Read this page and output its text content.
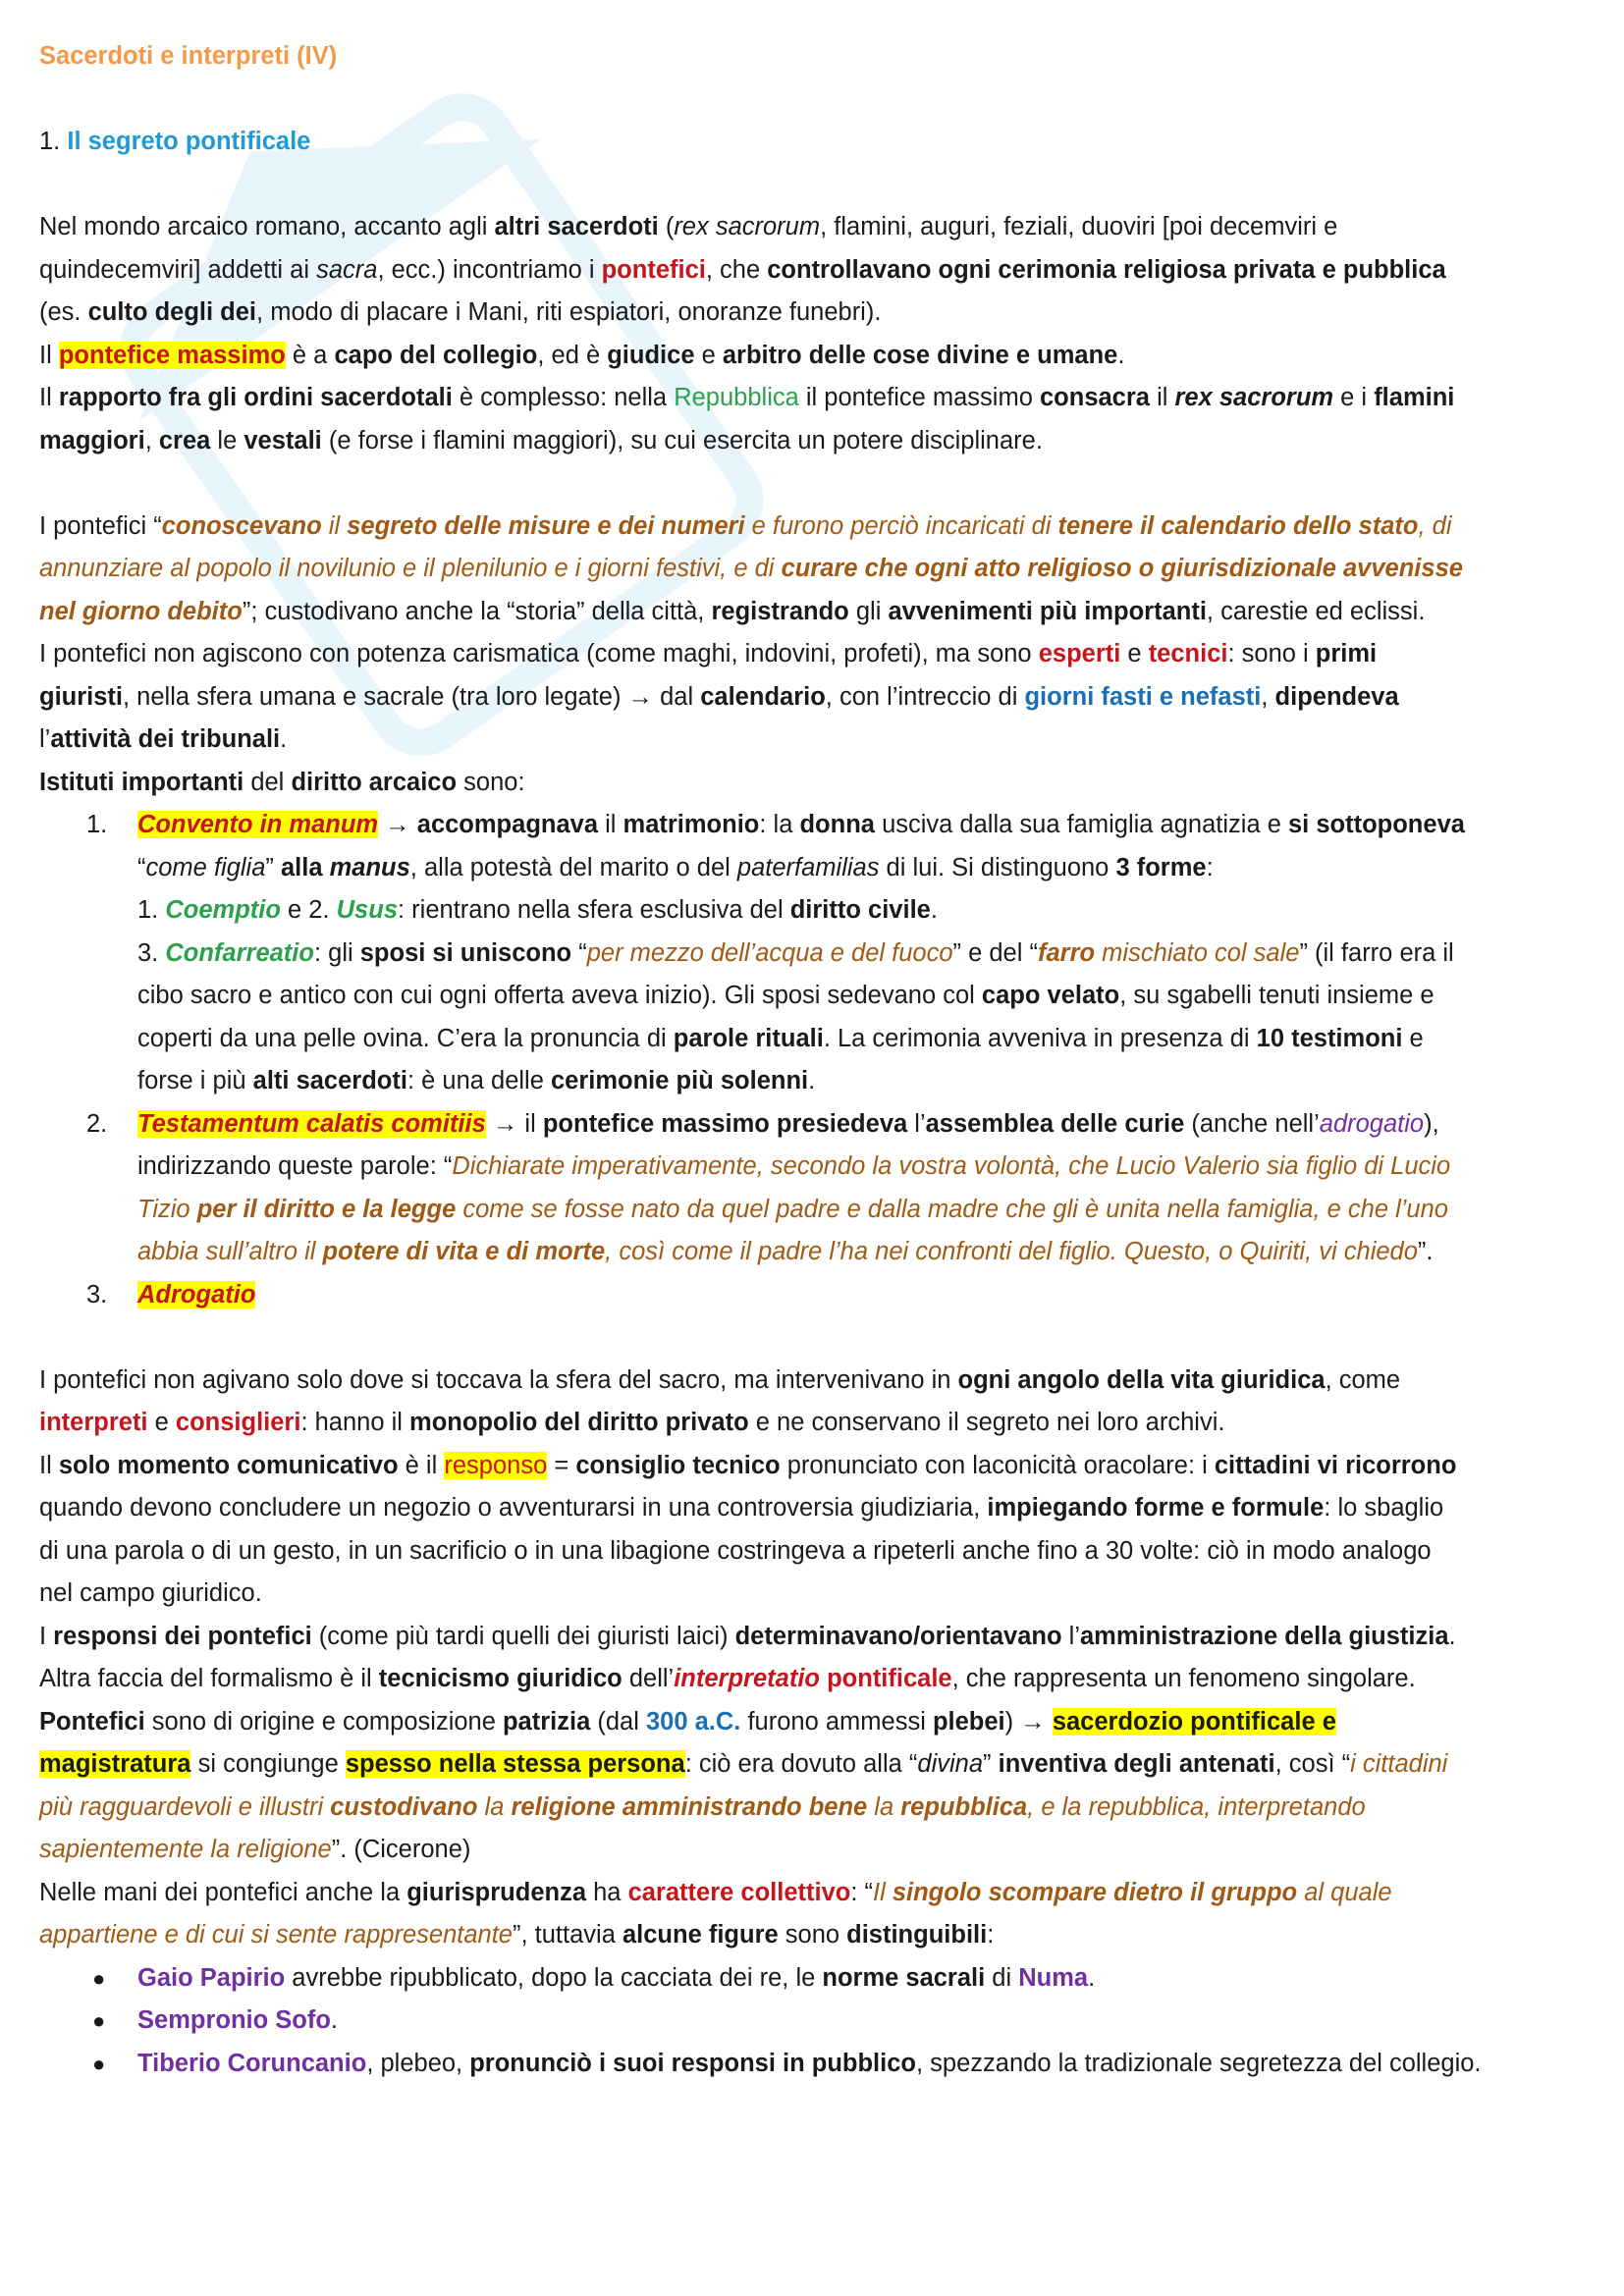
Sacerdoti e interpreti (IV)
1. Il segreto pontificale
Nel mondo arcaico romano, accanto agli altri sacerdoti (rex sacrorum, flamini, auguri, feziali, duoviri [poi decemviri e
quindecemviri] addetti ai sacra, ecc.) incontriamo i pontefici, che controllavano ogni cerimonia religiosa privata e pubblica
(es. culto degli dei, modo di placare i Mani, riti espiatori, onoranze funebri).
Il pontefice massimo è a capo del collegio, ed è giudice e arbitro delle cose divine e umane.
Il rapporto fra gli ordini sacerdotali è complesso: nella Repubblica il pontefice massimo consacra il rex sacrorum e i flamini
maggiori, crea le vestali (e forse i flamini maggiori), su cui esercita un potere disciplinare.
I pontefici “conoscevano il segreto delle misure e dei numeri e furono perciò incaricati di tenere il calendario dello stato, di
annunziare al popolo il novilunio e il plenilunio e i giorni festivi, e di curare che ogni atto religioso o giurisdizionale avvenisse
nel giorno debito”; custodivano anche la “storia” della città, registrando gli avvenimenti più importanti, carestie ed eclissi.
I pontefici non agiscono con potenza carismatica (come maghi, indovini, profeti), ma sono esperti e tecnici: sono i primi
giuristi, nella sfera umana e sacrale (tra loro legate) → dal calendario, con l’intreccio di giorni fasti e nefasti, dipendeva
l’attività dei tribunali.
Istituti importanti del diritto arcaico sono:
1. Convento in manum → accompagnava il matrimonio: la donna usciva dalla sua famiglia agnatizia e si sottoponeva
“come figlia” alla manus, alla potestà del marito o del paterfamilias di lui. Si distinguono 3 forme:
1. Coemptio e 2. Usus: rientrano nella sfera esclusiva del diritto civile.
3. Confarreatio: gli sposi si uniscono “per mezzo dell’acqua e del fuoco” e del “farro mischiato col sale” (il farro era il
cibo sacro e antico con cui ogni offerta aveva inizio). Gli sposi sedevano col capo velato, su sgabelli tenuti insieme e
coperti da una pelle ovina. C’era la pronuncia di parole rituali. La cerimonia avveniva in presenza di 10 testimoni e
forse i più alti sacerdoti: è una delle cerimonie più solenni.
2. Testamentum calatis comitiis → il pontefice massimo presiedeva l’assemblea delle curie (anche nell’adrogatio),
indirizzando queste parole: “Dichiarate imperativamente, secondo la vostra volontà, che Lucio Valerio sia figlio di Lucio
Tizio per il diritto e la legge come se fosse nato da quel padre e dalla madre che gli è unita nella famiglia, e che l’uno
abbia sull’altro il potere di vita e di morte, così come il padre l’ha nei confronti del figlio. Questo, o Quiriti, vi chiedo”.
3. Adrogatio
I pontefici non agivano solo dove si toccava la sfera del sacro, ma intervenivano in ogni angolo della vita giuridica, come
interpreti e consiglieri: hanno il monopolio del diritto privato e ne conservano il segreto nei loro archivi.
Il solo momento comunicativo è il responso = consiglio tecnico pronunciato con laconicità oracolare: i cittadini vi ricorrono
quando devono concludere un negozio o avventurarsi in una controversia giudiziaria, impiegando forme e formule: lo sbaglio
di una parola o di un gesto, in un sacrificio o in una libagione costringeva a ripeterli anche fino a 30 volte: ciò in modo analogo
nel campo giuridico.
I responsi dei pontefici (come più tardi quelli dei giuristi laici) determinavano/orientavano l’amministrazione della giustizia.
Altra faccia del formalismo è il tecnicismo giuridico dell’interpretatio pontificale, che rappresenta un fenomeno singolare.
Pontefici sono di origine e composizione patrizia (dal 300 a.C. furono ammessi plebei) → sacerdozio pontificale e
magistratura si congiunge spesso nella stessa persona: ciò era dovuto alla “divina” inventiva degli antenati, così “i cittadini
più ragguardevoli e illustri custodivano la religione amministrando bene la repubblica, e la repubblica, interpretando
sapientemente la religione”. (Cicerone)
Nelle mani dei pontefici anche la giurisprudenza ha carattere collettivo: “Il singolo scompare dietro il gruppo al quale
appartiene e di cui si sente rappresentante”, tuttavia alcune figure sono distinguibili:
● Gaio Papirio avrebbe ripubblicato, dopo la cacciata dei re, le norme sacrali di Numa.
● Sempronio Sofo.
● Tiberio Coruncanio, plebeo, pronunciò i suoi responsi in pubblico, spezzando la tradizionale segretezza del collegio.
